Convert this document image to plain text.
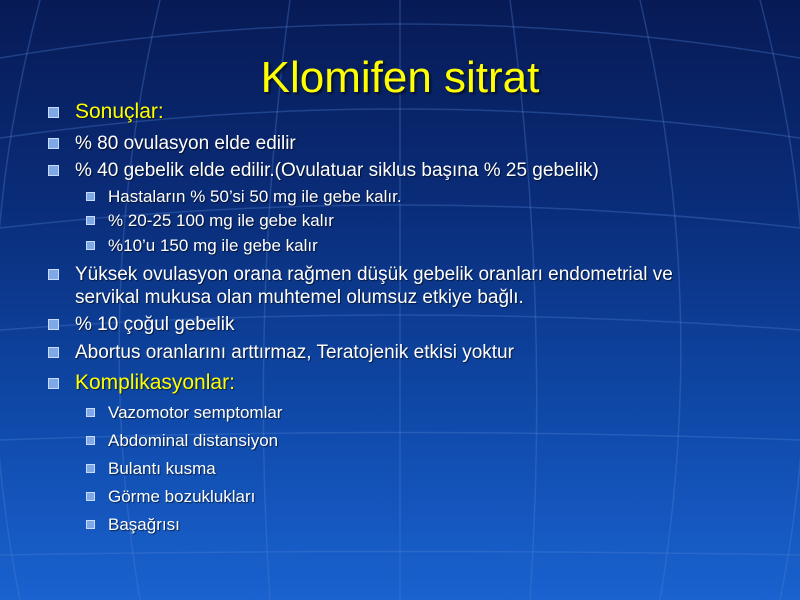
Klomifen sitrat
Sonuçlar:
% 80 ovulasyon elde edilir
% 40 gebelik elde edilir.(Ovulatuar siklus başına % 25 gebelik)
Hastaların % 50’si 50 mg ile gebe kalır.
% 20-25 100 mg ile gebe kalır
%10’u 150 mg ile gebe kalır
Yüksek ovulasyon orana rağmen düşük gebelik oranları endometrial ve servikal mukusa olan muhtemel olumsuz etkiye bağlı.
% 10 çoğul gebelik
Abortus oranlarını arttırmaz, Teratojenik etkisi yoktur
Komplikasyonlar:
Vazomotor semptomlar
Abdominal distansiyon
Bulantı kusma
Görme bozuklukları
Başağrısı
